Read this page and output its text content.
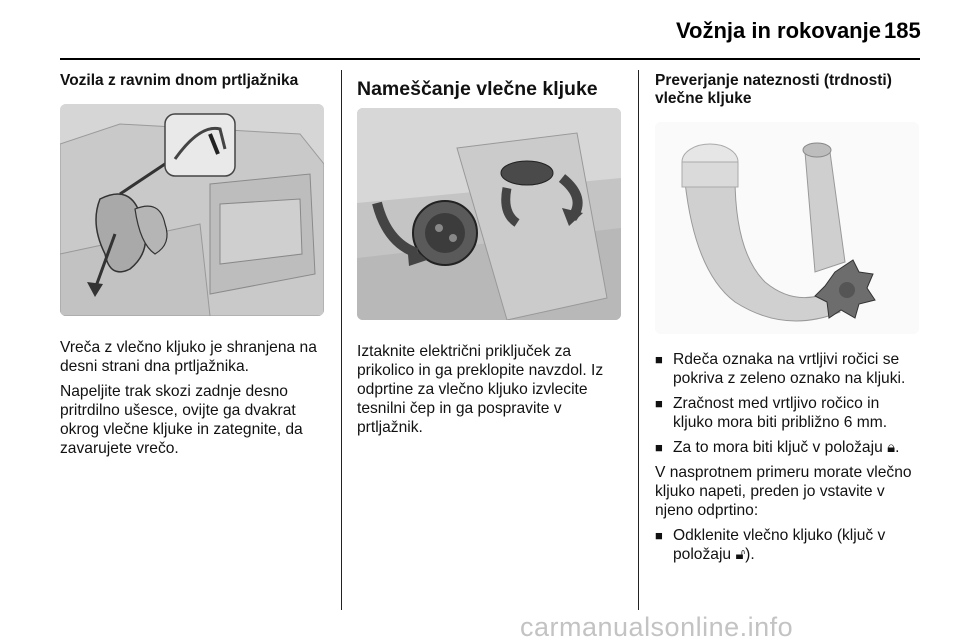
Vožnja in rokovanje 185
Vozila z ravnim dnom prtljažnika

Vreča z vlečno kljuko je shranjena na desni strani dna prtljažnika.

Napeljite trak skozi zadnje desno pritrdilno ušesce, ovijte ga dvakrat okrog vlečne kljuke in zategnite, da zavarujete vrečo.

Nameščanje vlečne kljuke

Iztaknite električni priključek za prikolico in ga preklopite navzdol. Iz odprtine za vlečno kljuko izvlecite tesnilni čep in ga pospravite v prtljažnik.

Preverjanje nateznosti (trdnosti) vlečne kljuke
■ Rdeča oznaka na vrtljivi ročici se pokriva z zeleno oznako na kljuki.
■ Zračnost med vrtljivo ročico in kljuko mora biti približno 6 mm.
■ Za to mora biti ključ v položaju 🔒︎.

V nasprotnem primeru morate vlečno kljuko napeti, preden jo vstavite v njeno odprtino:

■ Odklenite vlečno kljuko (ključ v položaju 🔓︎).
carmanualsonline.info
